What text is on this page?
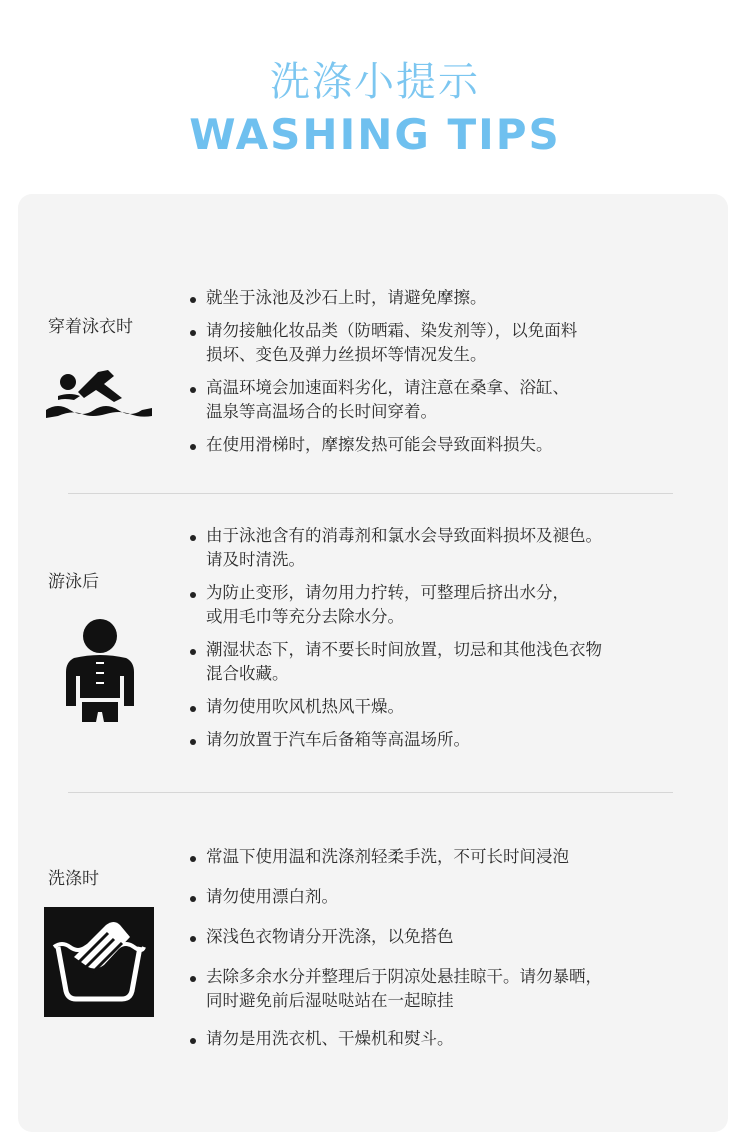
洗涤小提示
WASHING TIPS
穿着泳衣时
就坐于泳池及沙石上时，请避免摩擦。
请勿接触化妆品类（防晒霜、染发剂等），以免面料
损坏、变色及弹力丝损坏等情况发生。
高温环境会加速面料劣化，请注意在桑拿、浴缸、
温泉等高温场合的长时间穿着。
在使用滑梯时，摩擦发热可能会导致面料损失。
游泳后
由于泳池含有的消毒剂和氯水会导致面料损坏及褪色。
请及时清洗。
为防止变形，请勿用力拧转，可整理后挤出水分，
或用毛巾等充分去除水分。
潮湿状态下，请不要长时间放置，切忌和其他浅色衣物
混合收藏。
请勿使用吹风机热风干燥。
请勿放置于汽车后备箱等高温场所。
洗涤时
常温下使用温和洗涤剂轻柔手洗，不可长时间浸泡
请勿使用漂白剂。
深浅色衣物请分开洗涤，以免搭色
去除多余水分并整理后于阴凉处悬挂晾干。请勿暴晒，
同时避免前后湿哒哒站在一起晾挂
请勿是用洗衣机、干燥机和熨斗。
